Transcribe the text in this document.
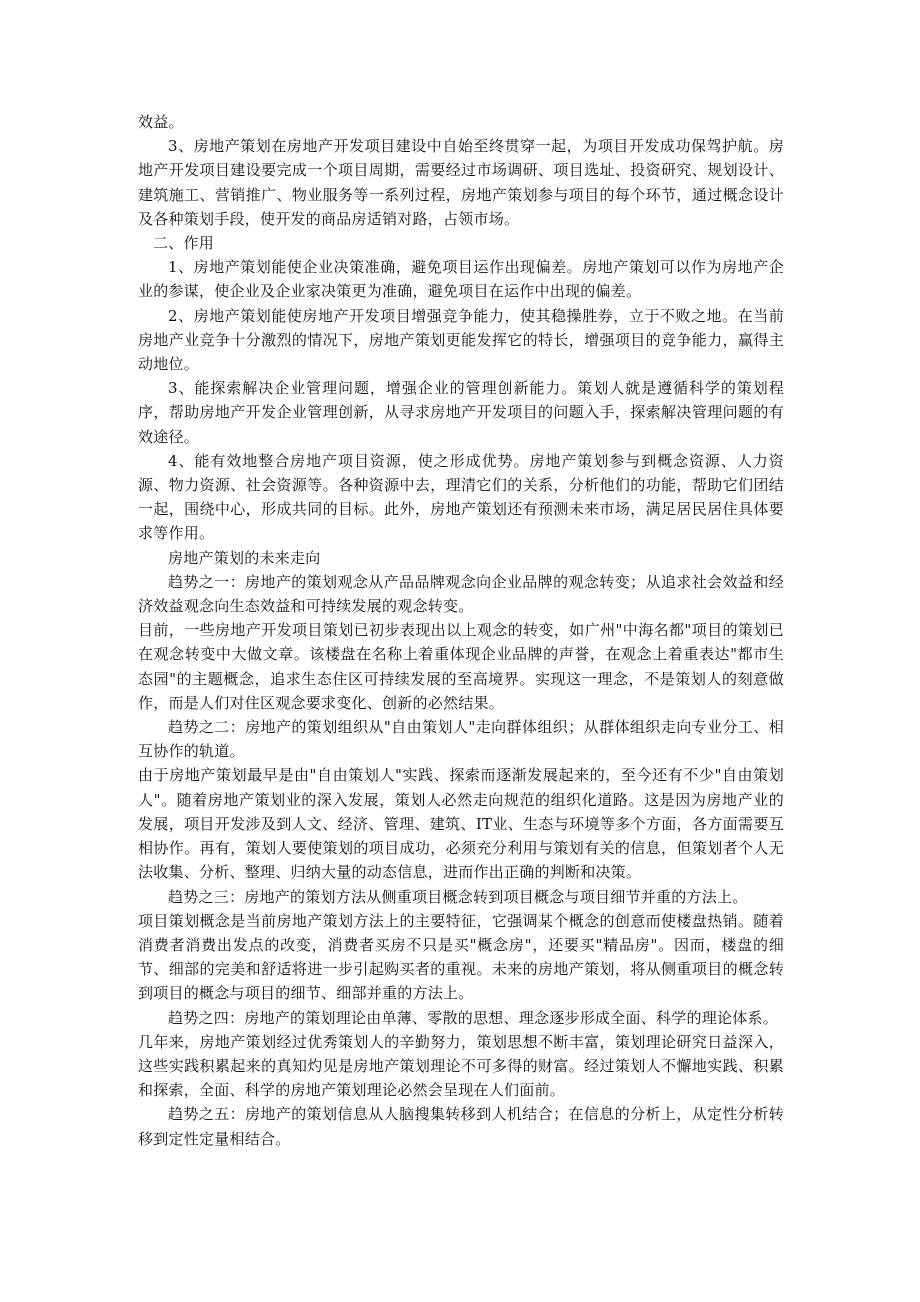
效益。

3、房地产策划在房地产开发项目建设中自始至终贯穿一起，为项目开发成功保驾护航。房地产开发项目建设要完成一个项目周期，需要经过市场调研、项目选址、投资研究、规划设计、建筑施工、营销推广、物业服务等一系列过程，房地产策划参与项目的每个环节，通过概念设计及各种策划手段，使开发的商品房适销对路，占领市场。

二、作用

1、房地产策划能使企业决策准确，避免项目运作出现偏差。房地产策划可以作为房地产企业的参谋，使企业及企业家决策更为准确，避免项目在运作中出现的偏差。

2、房地产策划能使房地产开发项目增强竞争能力，使其稳操胜券，立于不败之地。在当前房地产业竞争十分激烈的情况下，房地产策划更能发挥它的特长，增强项目的竞争能力，赢得主动地位。

3、能探索解决企业管理问题，增强企业的管理创新能力。策划人就是遵循科学的策划程序，帮助房地产开发企业管理创新，从寻求房地产开发项目的问题入手，探索解决管理问题的有效途径。

4、能有效地整合房地产项目资源，使之形成优势。房地产策划参与到概念资源、人力资源、物力资源、社会资源等。各种资源中去，理清它们的关系，分析他们的功能，帮助它们团结一起，围绕中心，形成共同的目标。此外，房地产策划还有预测未来市场，满足居民居住具体要求等作用。

房地产策划的未来走向

趋势之一：房地产的策划观念从产品品牌观念向企业品牌的观念转变；从追求社会效益和经济效益观念向生态效益和可持续发展的观念转变。

目前，一些房地产开发项目策划已初步表现出以上观念的转变，如广州"中海名都"项目的策划已在观念转变中大做文章。该楼盘在名称上着重体现企业品牌的声誉，在观念上着重表达"都市生态园"的主题概念，追求生态住区可持续发展的至高境界。实现这一理念，不是策划人的刻意做作，而是人们对住区观念要求变化、创新的必然结果。

趋势之二：房地产的策划组织从"自由策划人"走向群体组织；从群体组织走向专业分工、相互协作的轨道。

由于房地产策划最早是由"自由策划人"实践、探索而逐渐发展起来的，至今还有不少"自由策划人"。随着房地产策划业的深入发展，策划人必然走向规范的组织化道路。这是因为房地产业的发展，项目开发涉及到人文、经济、管理、建筑、IT业、生态与环境等多个方面，各方面需要互相协作。再有，策划人要使策划的项目成功，必须充分利用与策划有关的信息，但策划者个人无法收集、分析、整理、归纳大量的动态信息，进而作出正确的判断和决策。

趋势之三：房地产的策划方法从侧重项目概念转到项目概念与项目细节并重的方法上。

项目策划概念是当前房地产策划方法上的主要特征，它强调某个概念的创意而使楼盘热销。随着消费者消费出发点的改变，消费者买房不只是买"概念房"，还要买"精品房"。因而，楼盘的细节、细部的完美和舒适将进一步引起购买者的重视。未来的房地产策划，将从侧重项目的概念转到项目的概念与项目的细节、细部并重的方法上。

趋势之四：房地产的策划理论由单薄、零散的思想、理念逐步形成全面、科学的理论体系。

几年来，房地产策划经过优秀策划人的辛勤努力，策划思想不断丰富，策划理论研究日益深入，这些实践积累起来的真知灼见是房地产策划理论不可多得的财富。经过策划人不懈地实践、积累和探索，全面、科学的房地产策划理论必然会呈现在人们面前。

趋势之五：房地产的策划信息从人脑搜集转移到人机结合；在信息的分析上，从定性分析转移到定性定量相结合。
